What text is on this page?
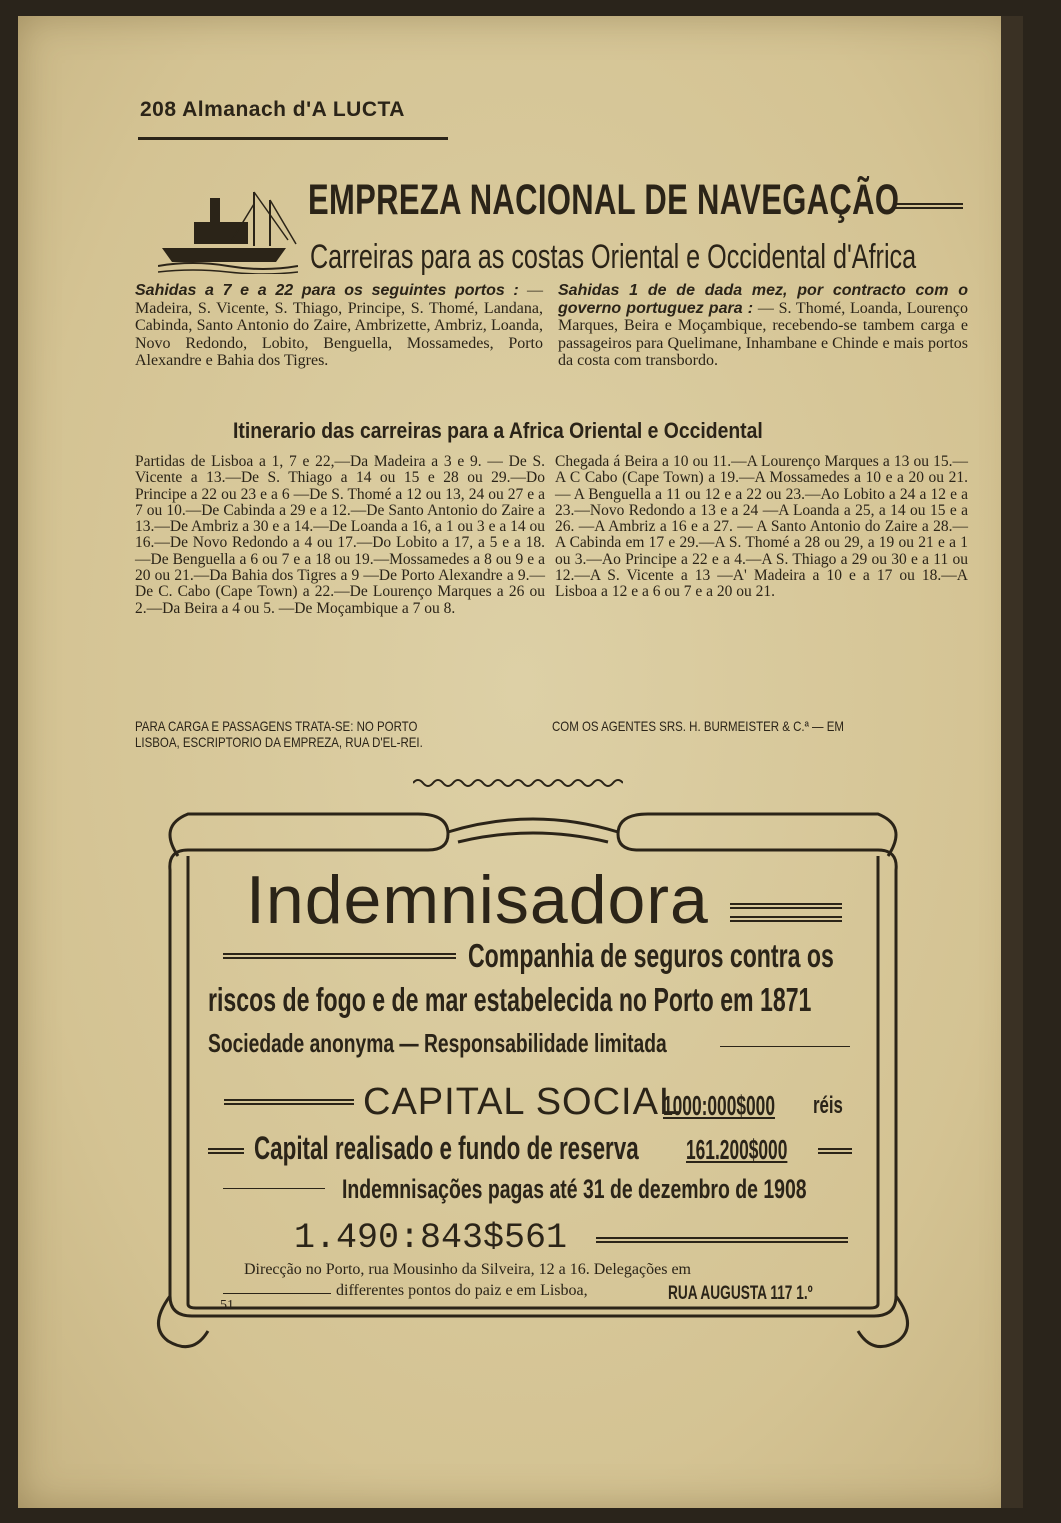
208 Almanach d'A LUCTA
EMPREZA NACIONAL DE NAVEGAÇÃO
Carreiras para as costas Oriental e Occidental d'Africa
Sahidas a 7 e a 22 para os seguintes portos : — Madeira, S. Vicente, S. Thiago, Principe, S. Thomé, Landana, Cabinda, Santo Antonio do Zaire, Ambrizette, Ambriz, Loanda, Novo Redondo, Lobito, Benguella, Mossamedes, Porto Alexandre e Bahia dos Tigres.
Sahidas 1 de de dada mez, por contracto com o governo portuguez para : — S. Thomé, Loanda, Lourenço Marques, Beira e Moçambique, recebendo-se tambem carga e passageiros para Quelimane, Inhambane e Chinde e mais portos da costa com transbordo.
Itinerario das carreiras para a Africa Oriental e Occidental
Partidas de Lisboa a 1, 7 e 22,—Da Madeira a 3 e 9. — De S. Vicente a 13.—De S. Thiago a 14 ou 15 e 28 ou 29.—Do Principe a 22 ou 23 e a 6 —De S. Thomé a 12 ou 13, 24 ou 27 e a 7 ou 10.—De Cabinda a 29 e a 12.—De Santo Antonio do Zaire a 13.—De Ambriz a 30 e a 14.—De Loanda a 16, a 1 ou 3 e a 14 ou 16.—De Novo Redondo a 4 ou 17.—Do Lobito a 17, a 5 e a 18.—De Benguella a 6 ou 7 e a 18 ou 19.—Mossamedes a 8 ou 9 e a 20 ou 21.—Da Bahia dos Tigres a 9 —De Porto Alexandre a 9.—De C. Cabo (Cape Town) a 22.—De Lourenço Marques a 26 ou 2.—Da Beira a 4 ou 5. —De Moçambique a 7 ou 8.
Chegada á Beira a 10 ou 11.—A Lourenço Marques a 13 ou 15.—A C Cabo (Cape Town) a 19.—A Mossamedes a 10 e a 20 ou 21. — A Benguella a 11 ou 12 e a 22 ou 23.—Ao Lobito a 24 a 12 e a 23.—Novo Redondo a 13 e a 24 —A Loanda a 25, a 14 ou 15 e a 26. —A Ambriz a 16 e a 27. — A Santo Antonio do Zaire a 28.—A Cabinda em 17 e 29.—A S. Thomé a 28 ou 29, a 19 ou 21 e a 1 ou 3.—Ao Principe a 22 e a 4.—A S. Thiago a 29 ou 30 e a 11 ou 12.—A S. Vicente a 13 —A' Madeira a 10 e a 17 ou 18.—A Lisboa a 12 e a 6 ou 7 e a 20 ou 21.
PARA CARGA E PASSAGENS TRATA-SE: NO PORTO
LISBOA, ESCRIPTORIO DA EMPREZA, RUA D'EL-REI.
COM OS AGENTES SRS. H. BURMEISTER & C.ª — EM
Indemnisadora
Companhia de seguros contra os
riscos de fogo e de mar estabelecida no Porto em 1871
Sociedade anonyma — Responsabilidade limitada
CAPITAL SOCIAL
1000:000$000 réis
Capital realisado e fundo de reserva 161.200$000
Indemnisações pagas até 31 de dezembro de 1908
1.490:843$561
Direcção no Porto, rua Mousinho da Silveira, 12 a 16. Delegações em
differentes pontos do paiz e em Lisboa,	RUA AUGUSTA 117 1.º
51
